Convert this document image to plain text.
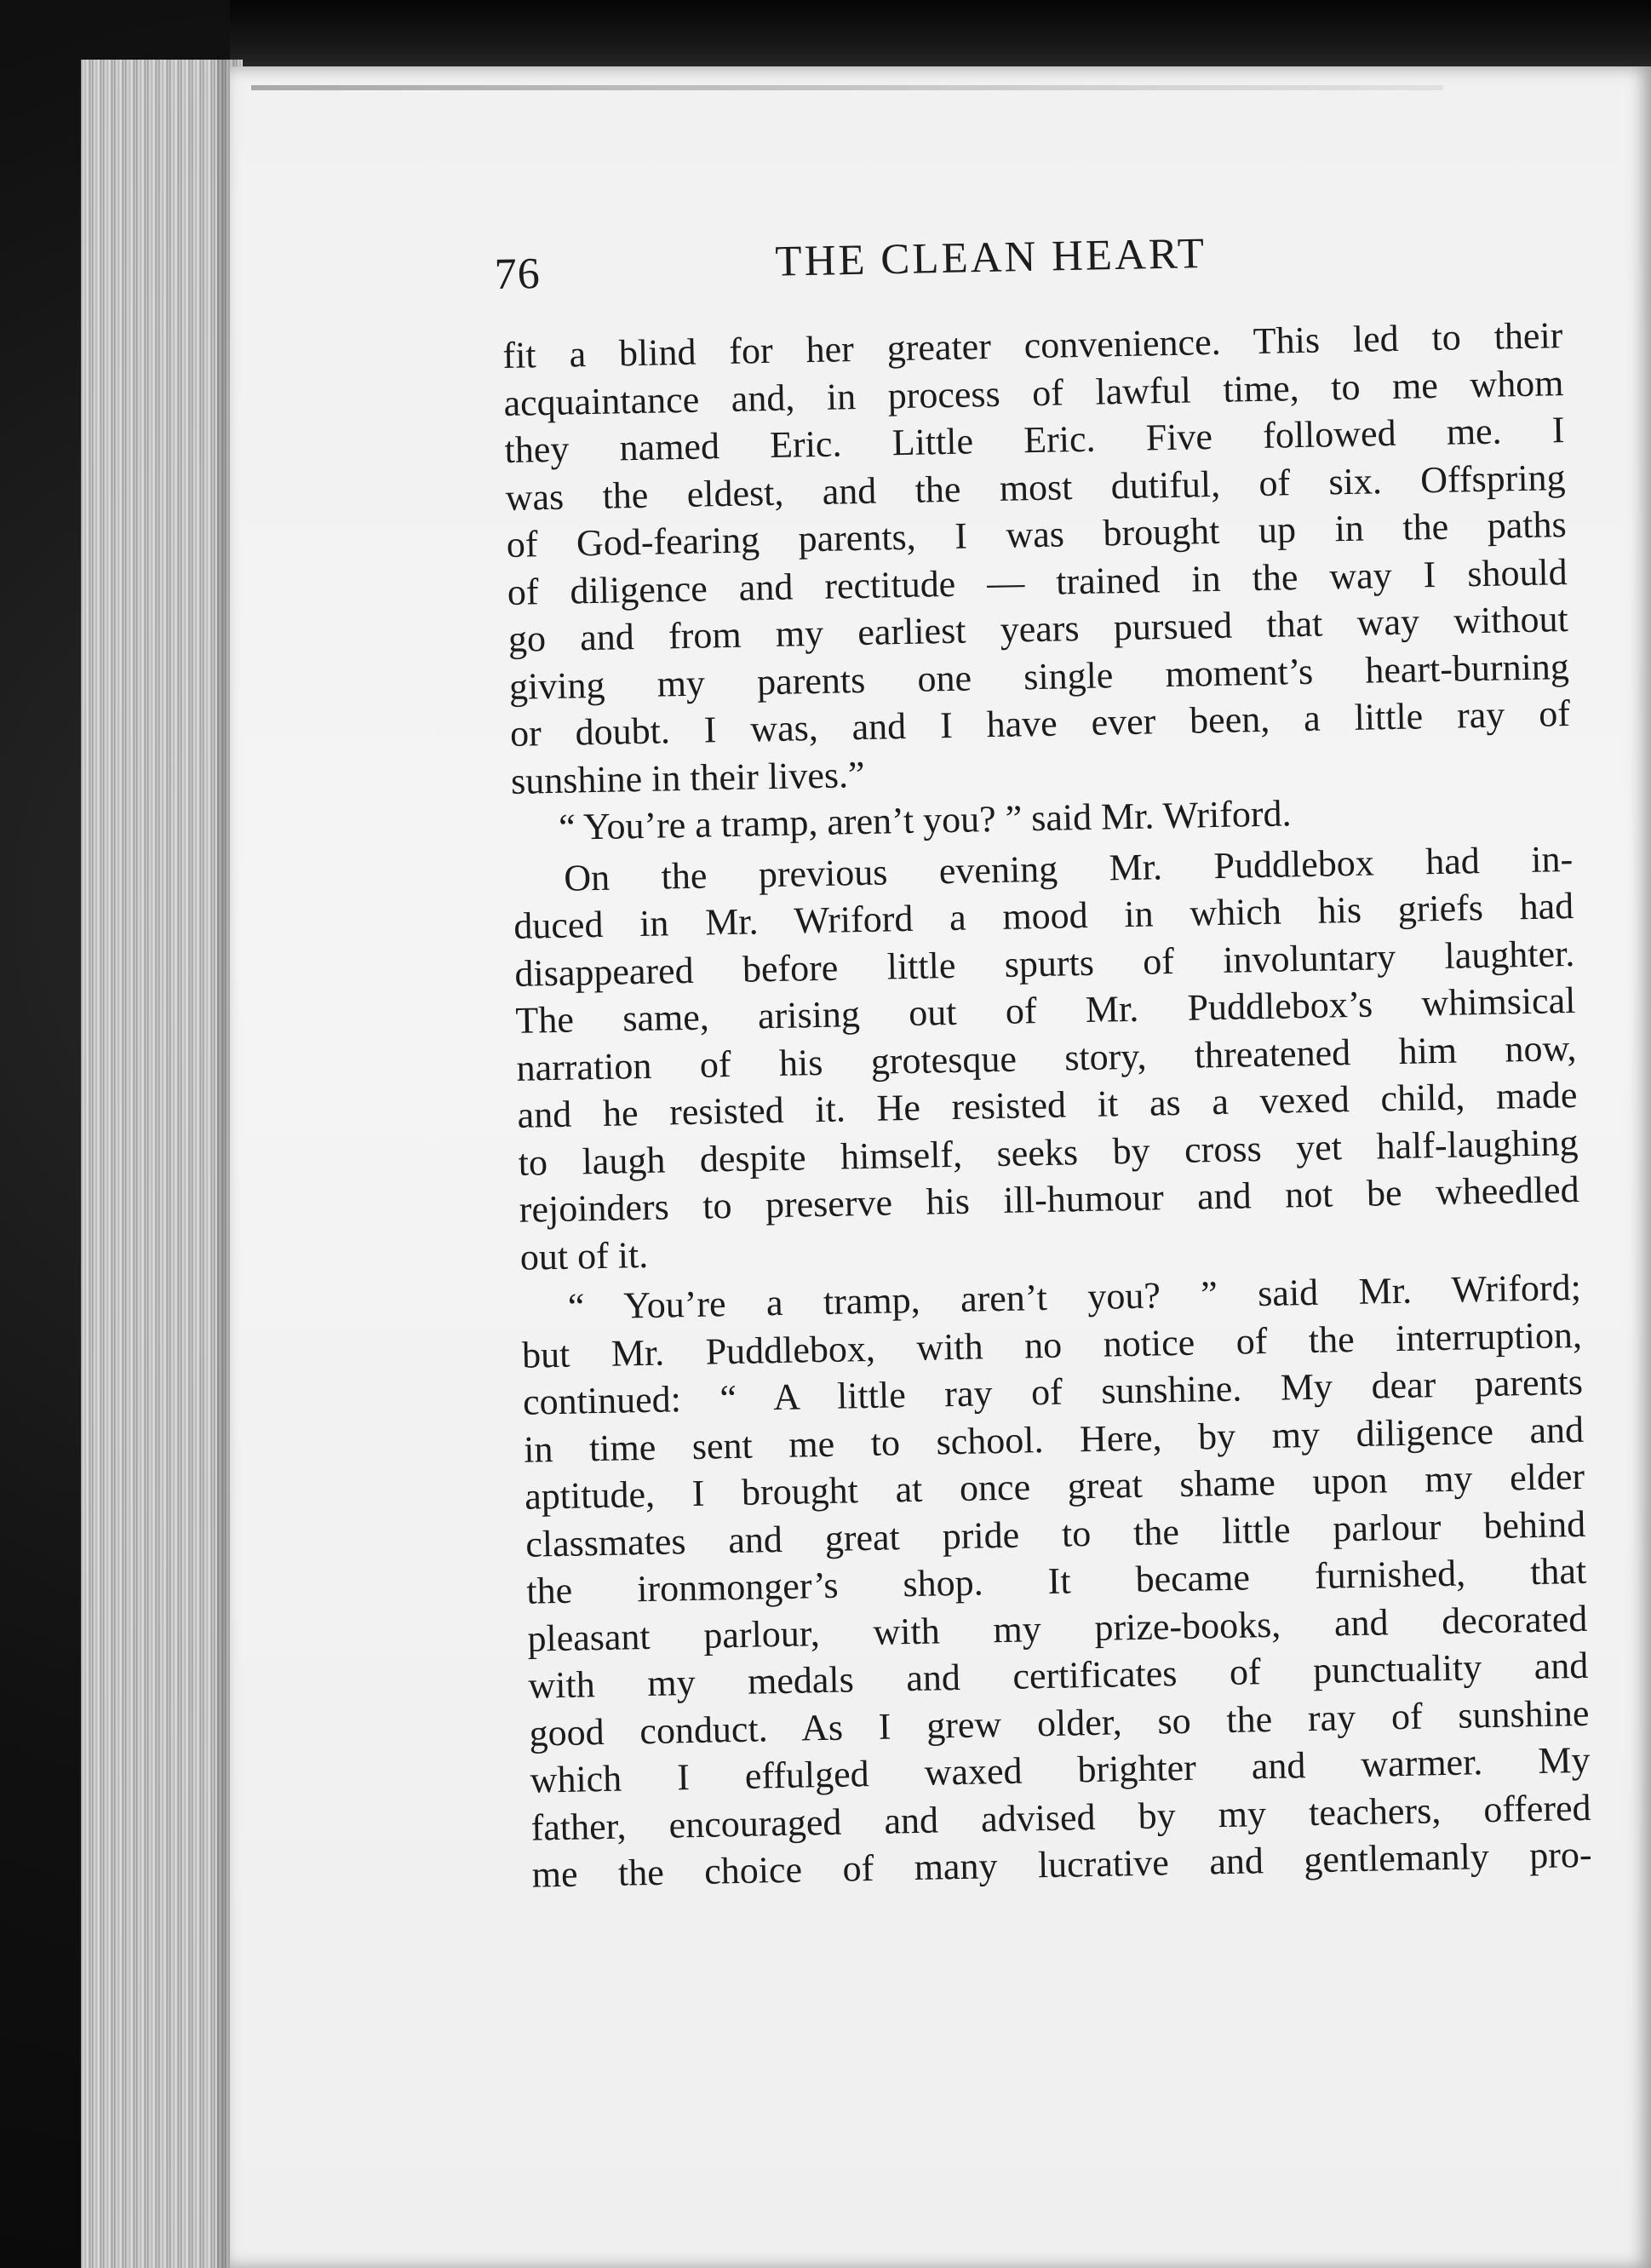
76	THE CLEAN HEART
fit a blind for her greater convenience. This led to their
acquaintance and, in process of lawful time, to me whom
they named Eric. Little Eric. Five followed me. I
was the eldest, and the most dutiful, of six. Offspring
of God-fearing parents, I was brought up in the paths
of diligence and rectitude — trained in the way I should
go and from my earliest years pursued that way without
giving my parents one single moment’s heart-burning
or doubt. I was, and I have ever been, a little ray of
sunshine in their lives.”
“ You’re a tramp, aren’t you? ” said Mr. Wriford.
On the previous evening Mr. Puddlebox had in-
duced in Mr. Wriford a mood in which his griefs had
disappeared before little spurts of involuntary laughter.
The same, arising out of Mr. Puddlebox’s whimsical
narration of his grotesque story, threatened him now,
and he resisted it. He resisted it as a vexed child, made
to laugh despite himself, seeks by cross yet half-laughing
rejoinders to preserve his ill-humour and not be wheedled
out of it.
“ You’re a tramp, aren’t you? ” said Mr. Wriford;
but Mr. Puddlebox, with no notice of the interruption,
continued: “ A little ray of sunshine. My dear parents
in time sent me to school. Here, by my diligence and
aptitude, I brought at once great shame upon my elder
classmates and great pride to the little parlour behind
the ironmonger’s shop. It became furnished, that
pleasant parlour, with my prize-books, and decorated
with my medals and certificates of punctuality and
good conduct. As I grew older, so the ray of sunshine
which I effulged waxed brighter and warmer. My
father, encouraged and advised by my teachers, offered
me the choice of many lucrative and gentlemanly pro-
